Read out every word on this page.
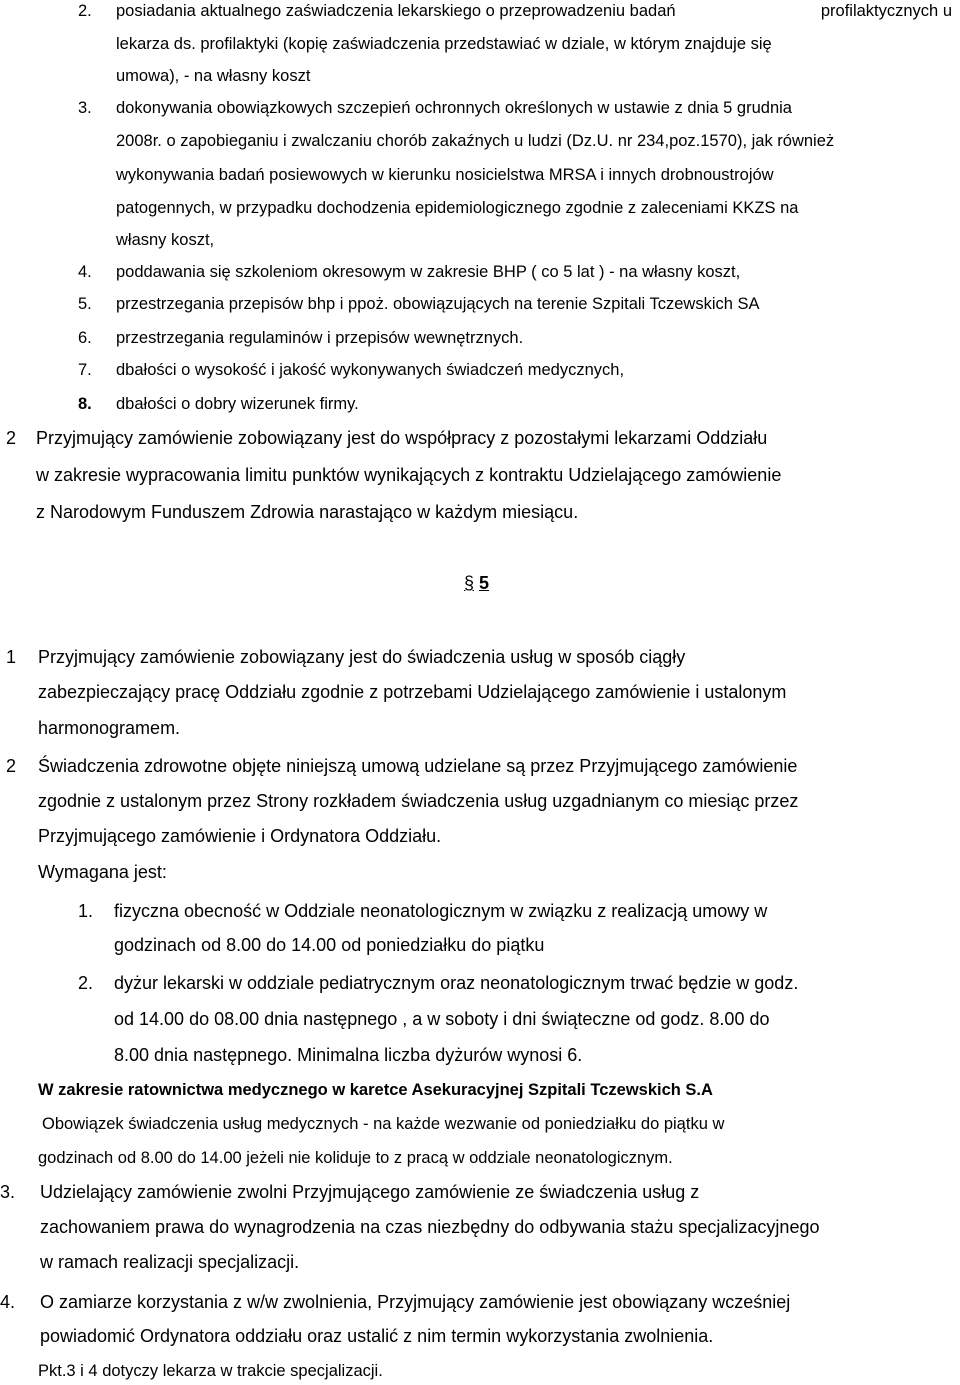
2. posiadania aktualnego zaświadczenia lekarskiego o przeprowadzeniu badań	profilaktycznych u
lekarza ds. profilaktyki (kopię zaświadczenia przedstawiać w dziale, w którym znajduje się
umowa), - na własny koszt
3. dokonywania obowiązkowych szczepień ochronnych określonych w ustawie z dnia 5 grudnia
2008r. o zapobieganiu i zwalczaniu chorób zakaźnych u ludzi (Dz.U. nr 234,poz.1570), jak również
wykonywania badań posiewowych w kierunku nosicielstwa MRSA i innych drobnoustrojów
patogennych, w przypadku dochodzenia epidemiologicznego zgodnie z zaleceniami KKZS na
własny koszt,
4. poddawania się szkoleniom okresowym w zakresie BHP ( co 5 lat ) - na własny koszt,
5. przestrzegania przepisów bhp i ppoż. obowiązujących na terenie Szpitali Tczewskich SA
6. przestrzegania regulaminów i przepisów wewnętrznych.
7. dbałości o wysokość i jakość wykonywanych świadczeń medycznych,
8. dbałości o dobry wizerunek firmy.
2 Przyjmujący zamówienie zobowiązany jest do współpracy z pozostałymi lekarzami Oddziału
w zakresie wypracowania limitu punktów wynikających z kontraktu Udzielającego zamówienie
z Narodowym Funduszem Zdrowia narastająco w każdym miesiącu.
§ 5
1 Przyjmujący zamówienie zobowiązany jest do świadczenia usług w sposób ciągły
zabezpieczający pracę Oddziału zgodnie z potrzebami Udzielającego zamówienie i ustalonym
harmonogramem.
2 Świadczenia zdrowotne objęte niniejszą umową udzielane są przez Przyjmującego zamówienie
zgodnie z ustalonym przez Strony rozkładem świadczenia usług uzgadnianym co miesiąc przez
Przyjmującego zamówienie i Ordynatora Oddziału.
Wymagana jest:
1. fizyczna obecność w Oddziale neonatologicznym w związku z realizacją umowy w
godzinach od 8.00 do 14.00 od poniedziałku do piątku
2. dyżur lekarski w oddziale pediatrycznym oraz neonatologicznym trwać będzie w godz.
od 14.00 do 08.00 dnia następnego , a w soboty i dni świąteczne od godz. 8.00 do
8.00 dnia następnego. Minimalna liczba dyżurów wynosi 6.
W zakresie ratownictwa medycznego w karetce Asekuracyjnej Szpitali Tczewskich S.A
Obowiązek świadczenia usług medycznych - na każde wezwanie od poniedziałku do piątku w
godzinach od 8.00 do 14.00 jeżeli nie koliduje to z pracą w oddziale neonatologicznym.
3. Udzielający zamówienie zwolni Przyjmującego zamówienie ze świadczenia usług z
zachowaniem prawa do wynagrodzenia na czas niezbędny do odbywania stażu specjalizacyjnego
w ramach realizacji specjalizacji.
4. O zamiarze korzystania z w/w zwolnienia, Przyjmujący zamówienie jest obowiązany wcześniej
powiadomić Ordynatora oddziału oraz ustalić z nim termin wykorzystania zwolnienia.
Pkt.3 i 4 dotyczy lekarza w trakcie specjalizacji.
